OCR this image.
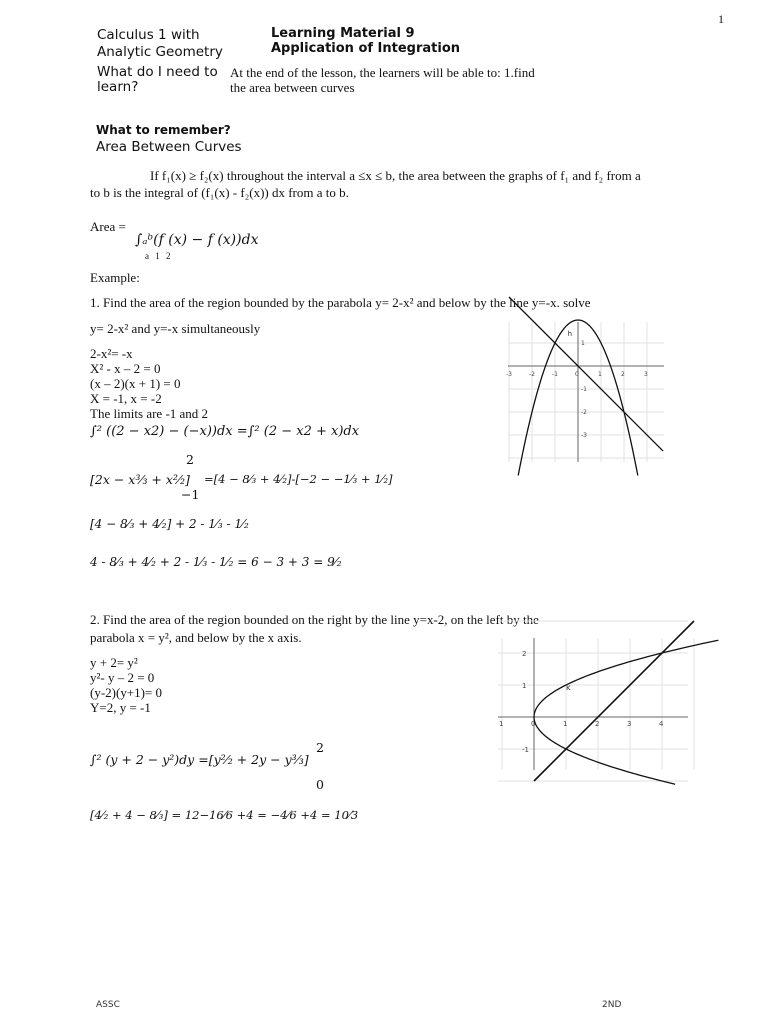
1
Calculus 1 with
Analytic Geometry
Learning Material 9
Application of Integration
What do I need to
learn?
At the end of the lesson, the learners will be able to: 1.find
the area between curves
What to remember?
Area Between Curves
If f₁(x) ≥ f₂(x) throughout the interval a ≤x ≤ b, the area between the graphs of f₁ and f₂ from a
to b is the integral of (f₁(x) - f₂(x)) dx from a to b.
Area =
∫ₐᵇ(f (x) − f (x))dx
a 1 2
Example:
1. Find the area of the region bounded by the parabola y= 2-x² and below by the line y=-x. solve
y= 2-x² and y=-x simultaneously
2-x²= -x
X² - x – 2 = 0
(x – 2)(x + 1) = 0
X = -1, x = -2
The limits are -1 and 2
∫² ((2 − x2) − (−x))dx =∫² (2 − x2 + x)dx
2
[2x − x³⁄₃ + x²⁄₂] =[4 − 8⁄₃ + 4⁄₂]-[−2 − −1⁄₃ + 1⁄₂]
−1
[4 − 8⁄₃ + 4⁄₂] + 2 - 1⁄₃ - 1⁄₂
4 - 8⁄₃ + 4⁄₂ + 2 - 1⁄₃ - 1⁄₂ = 6 − 3 + 3 = 9⁄₂
-3	-2	-1	0	1	2	3
1
-1
-2
-3
h
2. Find the area of the region bounded on the right by the line y=x-2, on the left by the
parabola x = y², and below by the x axis.
y + 2= y²
y²- y – 2 = 0
(y-2)(y+1)= 0
Y=2, y = -1
2
∫² (y + 2 − y²)dy =[y²⁄₂ + 2y − y³⁄₃]
0
[4⁄₂ + 4 − 8⁄₃] = 12−16⁄6 +4 = −4⁄6 +4 = 10⁄3
1	0	1	2	3	4
2
1
-1
k
ASSC	2ND
